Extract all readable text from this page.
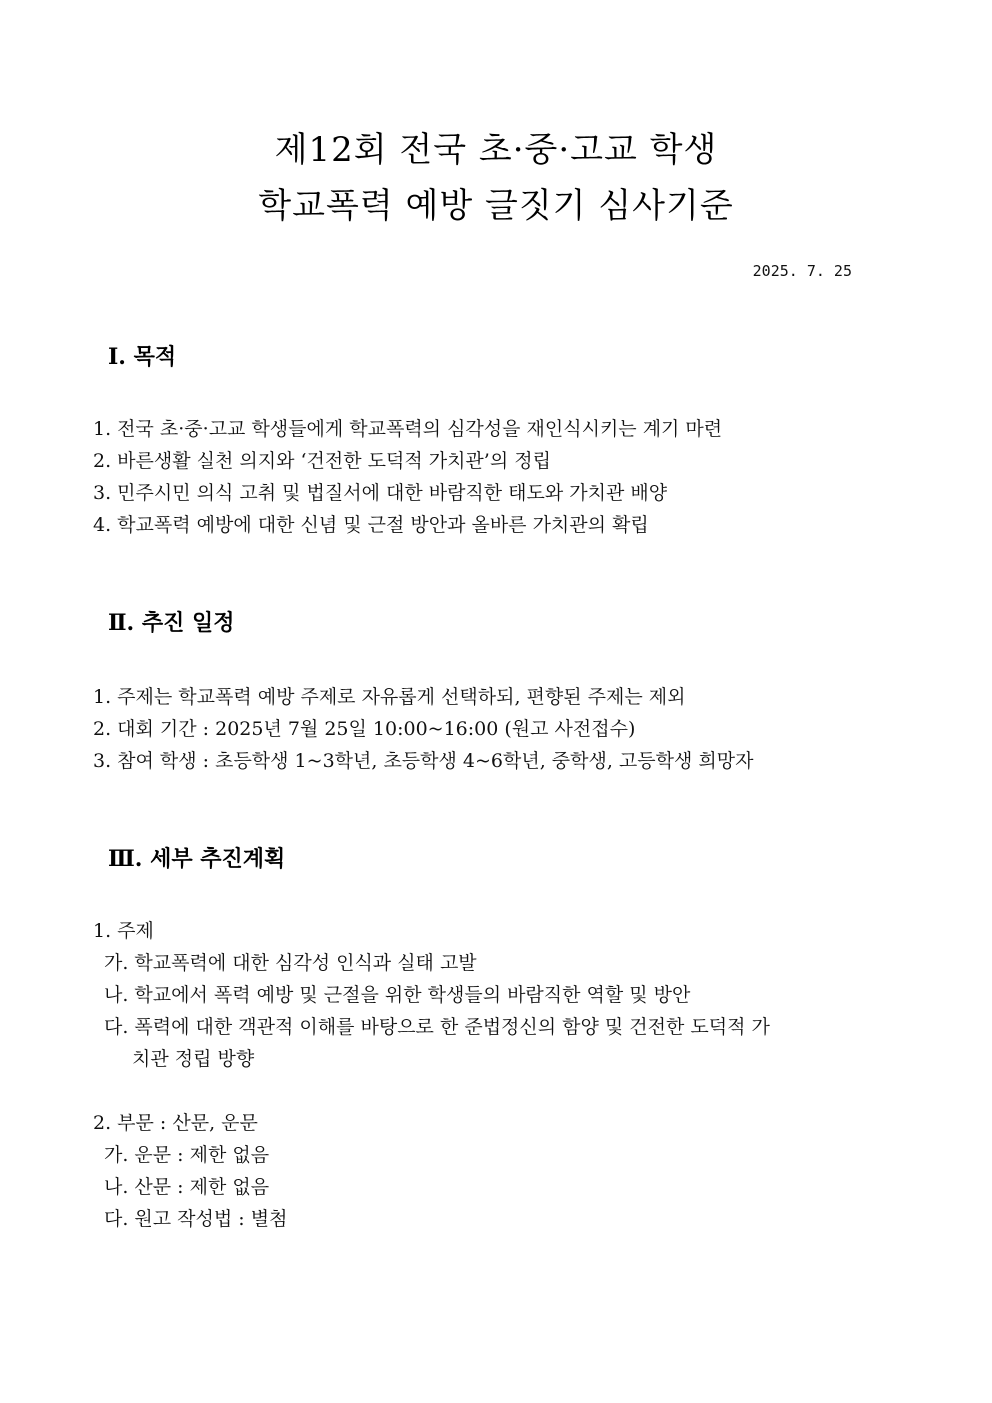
제12회 전국 초·중·고교 학생
학교폭력 예방 글짓기 심사기준
2025. 7. 25
Ⅰ. 목적
1. 전국 초·중·고교 학생들에게 학교폭력의 심각성을 재인식시키는 계기 마련
2. 바른생활 실천 의지와 ‘건전한 도덕적 가치관’의 정립
3. 민주시민 의식 고취 및 법질서에 대한 바람직한 태도와 가치관 배양
4. 학교폭력 예방에 대한 신념 및 근절 방안과 올바른 가치관의 확립
Ⅱ. 추진 일정
1. 주제는 학교폭력 예방 주제로 자유롭게 선택하되, 편향된 주제는 제외
2. 대회 기간 : 2025년 7월 25일 10:00~16:00 (원고 사전접수)
3. 참여 학생 : 초등학생 1~3학년, 초등학생 4~6학년, 중학생, 고등학생 희망자
Ⅲ. 세부 추진계획
1. 주제
가. 학교폭력에 대한 심각성 인식과 실태 고발
나. 학교에서 폭력 예방 및 근절을 위한 학생들의 바람직한 역할 및 방안
다. 폭력에 대한 객관적 이해를 바탕으로 한 준법정신의 함양 및 건전한 도덕적 가
치관 정립 방향
2. 부문 : 산문, 운문
가. 운문 : 제한 없음
나. 산문 : 제한 없음
다. 원고 작성법 : 별첨
